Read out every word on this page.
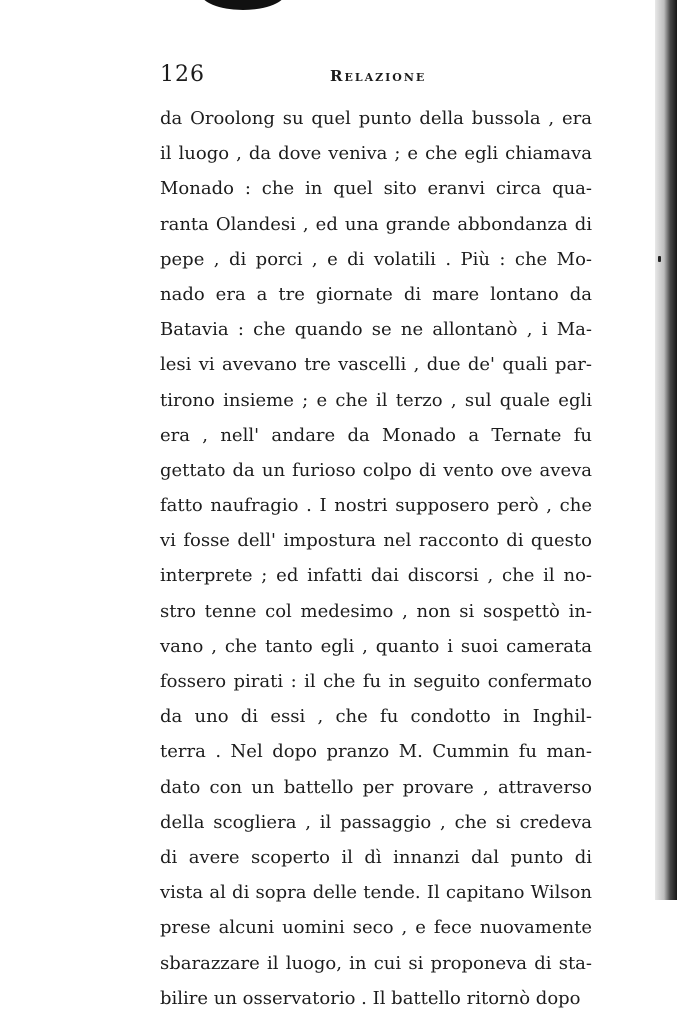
126	Relazione
da Oroolong su quel punto della bussola , era
il luogo , da dove veniva ; e che egli chiamava
Monado : che in quel sito eranvi circa qua-
ranta Olandesi , ed una grande abbondanza di
pepe , di porci , e di volatili . Più : che Mo-
nado era a tre giornate di mare lontano da
Batavia : che quando se ne allontanò , i Ma-
lesi vi avevano tre vascelli , due de' quali par-
tirono insieme ; e che il terzo , sul quale egli
era , nell' andare da Monado a Ternate fu
gettato da un furioso colpo di vento ove aveva
fatto naufragio . I nostri supposero però , che
vi fosse dell' impostura nel racconto di questo
interprete ; ed infatti dai discorsi , che il no-
stro tenne col medesimo , non si sospettò in-
vano , che tanto egli , quanto i suoi camerata
fossero pirati : il che fu in seguito confermato
da uno di essi , che fu condotto in Inghil-
terra . Nel dopo pranzo M. Cummin fu man-
dato con un battello per provare , attraverso
della scogliera , il passaggio , che si credeva
di avere scoperto il dì innanzi dal punto di
vista al di sopra delle tende. Il capitano Wilson
prese alcuni uomini seco , e fece nuovamente
sbarazzare il luogo, in cui si proponeva di sta-
bilire un osservatorio . Il battello ritornò dopo
